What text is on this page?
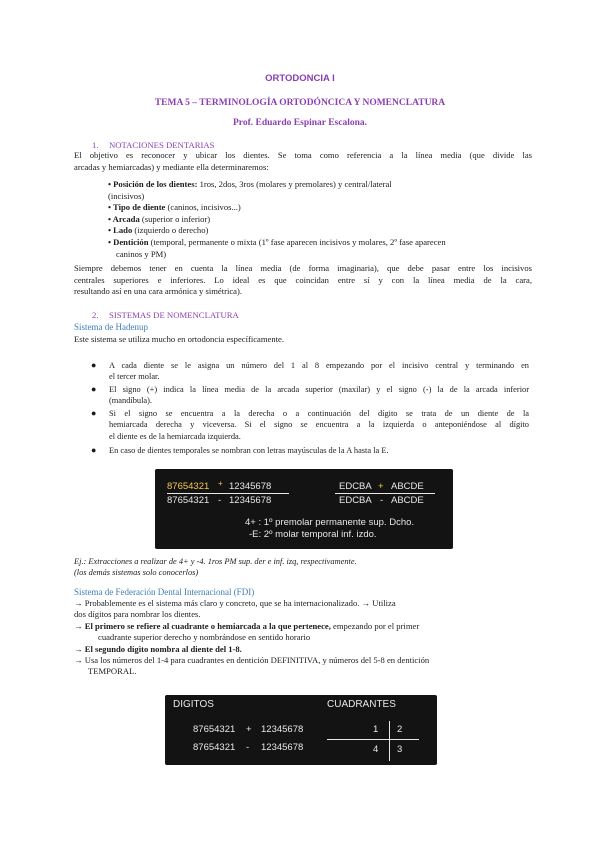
ORTODONCIA I
TEMA 5 – TERMINOLOGÍA ORTODÓNCICA Y NOMENCLATURA
Prof. Eduardo Espinar Escalona.
1. NOTACIONES DENTARIAS
El objetivo es reconocer y ubicar los dientes. Se toma como referencia a la línea media (que divide las
arcadas y hemiarcadas) y mediante ella determinaremos:
• Posición de los dientes: 1ros, 2dos, 3ros (molares y premolares) y central/lateral
(incisivos)
• Tipo de diente (caninos, incisivos...)
• Arcada (superior o inferior)
• Lado (izquierdo o derecho)
• Dentición (temporal, permanente o mixta (1º fase aparecen incisivos y molares, 2º fase aparecen
caninos y PM)
Siempre debemos tener en cuenta la línea media (de forma imaginaria), que debe pasar entre los incisivos
centrales superiores e inferiores. Lo ideal es que coincidan entre sí y con la línea media de la cara,
resultando así en una cara armónica y simétrica).
2. SISTEMAS DE NOMENCLATURA
Sistema de Hadenup
Este sistema se utiliza mucho en ortodoncia específicamente.
● A cada diente se le asigna un número del 1 al 8 empezando por el incisivo central y terminando en
el tercer molar.
● El signo (+) indica la línea media de la arcada superior (maxilar) y el signo (-) la de la arcada inferior
(mandíbula).
● Si el signo se encuentra a la derecha o a continuación del dígito se trata de un diente de la
hemiarcada derecha y viceversa. Si el signo se encuentra a la izquierda o anteponiéndose al dígito
el diente es de la hemiarcada izquierda.
● En caso de dientes temporales se nombran con letras mayúsculas de la A hasta la E.
87654321 + 12345678
87654321 - 12345678
EDCBA + ABCDE
EDCBA - ABCDE
4+ : 1º premolar permanente sup. Dcho.
-E: 2º molar temporal inf. izdo.
Ej.: Extracciones a realizar de 4+ y -4. 1ros PM sup. der e inf. izq, respectivamente.
(los demás sistemas solo conocerlos)
Sistema de Federación Dental Internacional (FDI)
→ Probablemente es el sistema más claro y concreto, que se ha internacionalizado. → Utiliza
dos dígitos para nombrar los dientes.
→ El primero se refiere al cuadrante o hemiarcada a la que pertenece, empezando por el primer
cuadrante superior derecho y nombrándose en sentido horario
→ El segundo dígito nombra al diente del 1-8.
→ Usa los números del 1-4 para cuadrantes en dentición DEFINITIVA, y números del 5-8 en dentición
TEMPORAL.
DIGITOS	CUADRANTES
87654321 + 12345678
87654321 - 12345678
1 2
4 3
